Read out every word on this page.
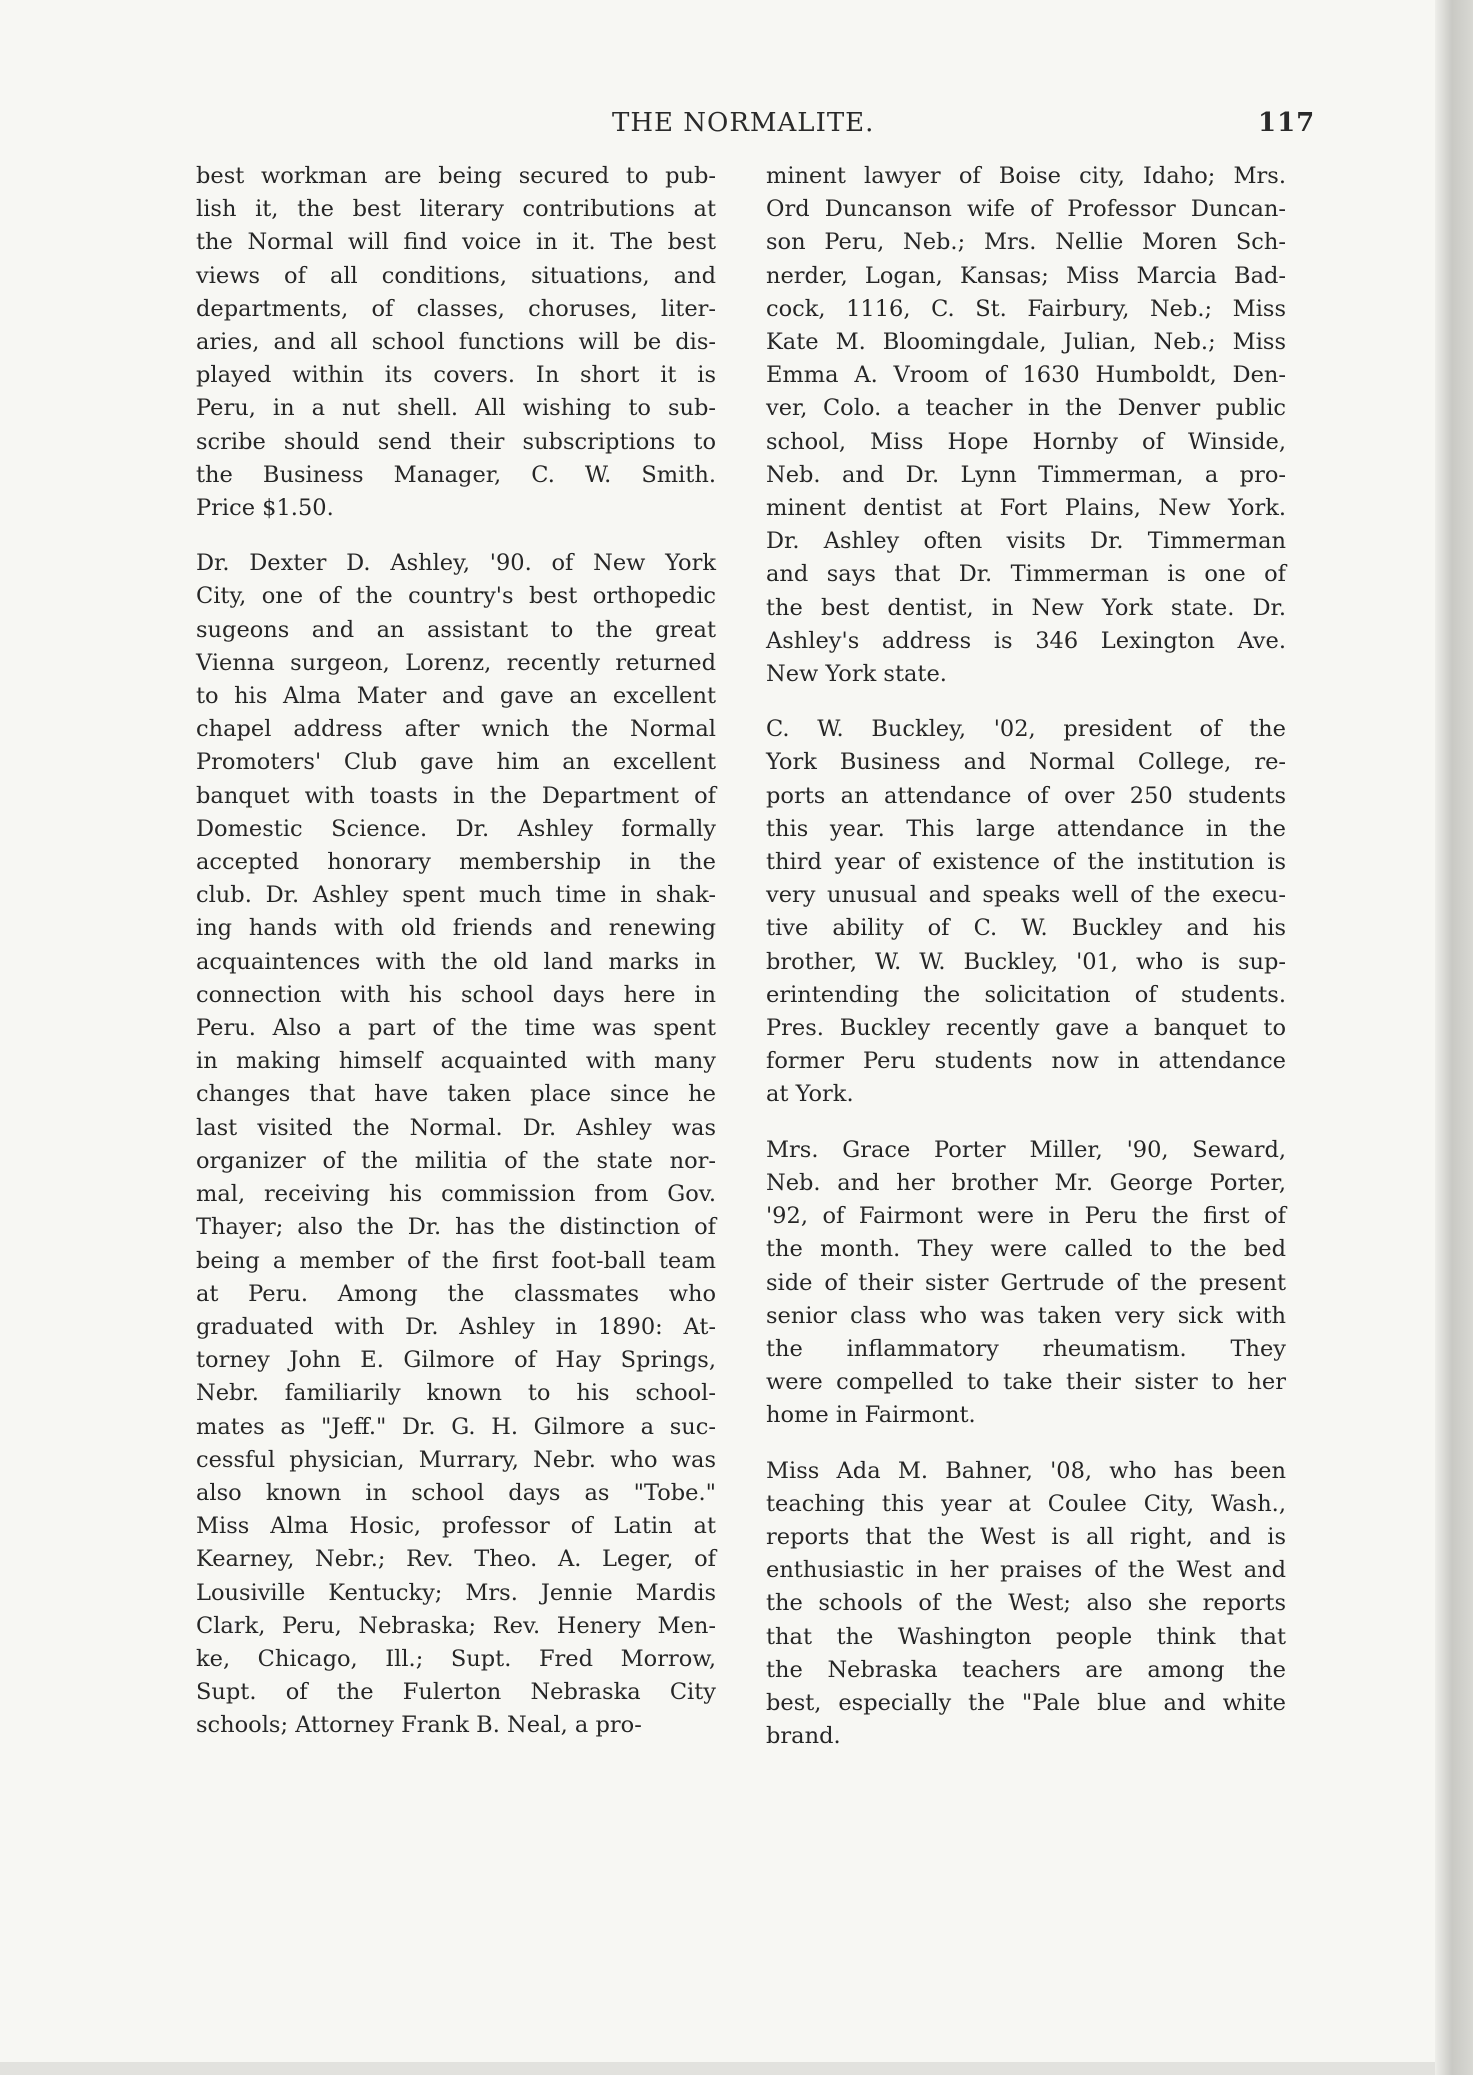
THE NORMALITE.	117

best workman are being secured to pub-
lish it, the best literary contributions at
the Normal will find voice in it. The best
views of all conditions, situations, and
departments, of classes, choruses, liter-
aries, and all school functions will be dis-
played within its covers. In short it is
Peru, in a nut shell. All wishing to sub-
scribe should send their subscriptions to
the Business Manager, C. W. Smith.
Price $1.50.

Dr. Dexter D. Ashley, '90. of New York
City, one of the country's best orthopedic
sugeons and an assistant to the great
Vienna surgeon, Lorenz, recently returned
to his Alma Mater and gave an excellent
chapel address after wnich the Normal
Promoters' Club gave him an excellent
banquet with toasts in the Department of
Domestic Science. Dr. Ashley formally
accepted honorary membership in the
club. Dr. Ashley spent much time in shak-
ing hands with old friends and renewing
acquaintences with the old land marks in
connection with his school days here in
Peru. Also a part of the time was spent
in making himself acquainted with many
changes that have taken place since he
last visited the Normal. Dr. Ashley was
organizer of the militia of the state nor-
mal, receiving his commission from Gov.
Thayer; also the Dr. has the distinction of
being a member of the first foot-ball team
at Peru. Among the classmates who
graduated with Dr. Ashley in 1890: At-
torney John E. Gilmore of Hay Springs,
Nebr. familiarily known to his school-
mates as "Jeff." Dr. G. H. Gilmore a suc-
cessful physician, Murrary, Nebr. who was
also known in school days as "Tobe."
Miss Alma Hosic, professor of Latin at
Kearney, Nebr.; Rev. Theo. A. Leger, of
Lousiville Kentucky; Mrs. Jennie Mardis
Clark, Peru, Nebraska; Rev. Henery Men-
ke, Chicago, Ill.; Supt. Fred Morrow,
Supt. of the Fulerton Nebraska City
schools; Attorney Frank B. Neal, a pro-

minent lawyer of Boise city, Idaho; Mrs.
Ord Duncanson wife of Professor Duncan-
son Peru, Neb.; Mrs. Nellie Moren Sch-
nerder, Logan, Kansas; Miss Marcia Bad-
cock, 1116, C. St. Fairbury, Neb.; Miss
Kate M. Bloomingdale, Julian, Neb.; Miss
Emma A. Vroom of 1630 Humboldt, Den-
ver, Colo. a teacher in the Denver public
school, Miss Hope Hornby of Winside,
Neb. and Dr. Lynn Timmerman, a pro-
minent dentist at Fort Plains, New York.
Dr. Ashley often visits Dr. Timmerman
and says that Dr. Timmerman is one of
the best dentist, in New York state. Dr.
Ashley's address is 346 Lexington Ave.
New York state.

C. W. Buckley, '02, president of the
York Business and Normal College, re-
ports an attendance of over 250 students
this year. This large attendance in the
third year of existence of the institution is
very unusual and speaks well of the execu-
tive ability of C. W. Buckley and his
brother, W. W. Buckley, '01, who is sup-
erintending the solicitation of students.
Pres. Buckley recently gave a banquet to
former Peru students now in attendance
at York.

Mrs. Grace Porter Miller, '90, Seward,
Neb. and her brother Mr. George Porter,
'92, of Fairmont were in Peru the first of
the month. They were called to the bed
side of their sister Gertrude of the present
senior class who was taken very sick with
the inflammatory rheumatism. They
were compelled to take their sister to her
home in Fairmont.

Miss Ada M. Bahner, '08, who has been
teaching this year at Coulee City, Wash.,
reports that the West is all right, and is
enthusiastic in her praises of the West and
the schools of the West; also she reports
that the Washington people think that
the Nebraska teachers are among the
best, especially the "Pale blue and white
brand.
